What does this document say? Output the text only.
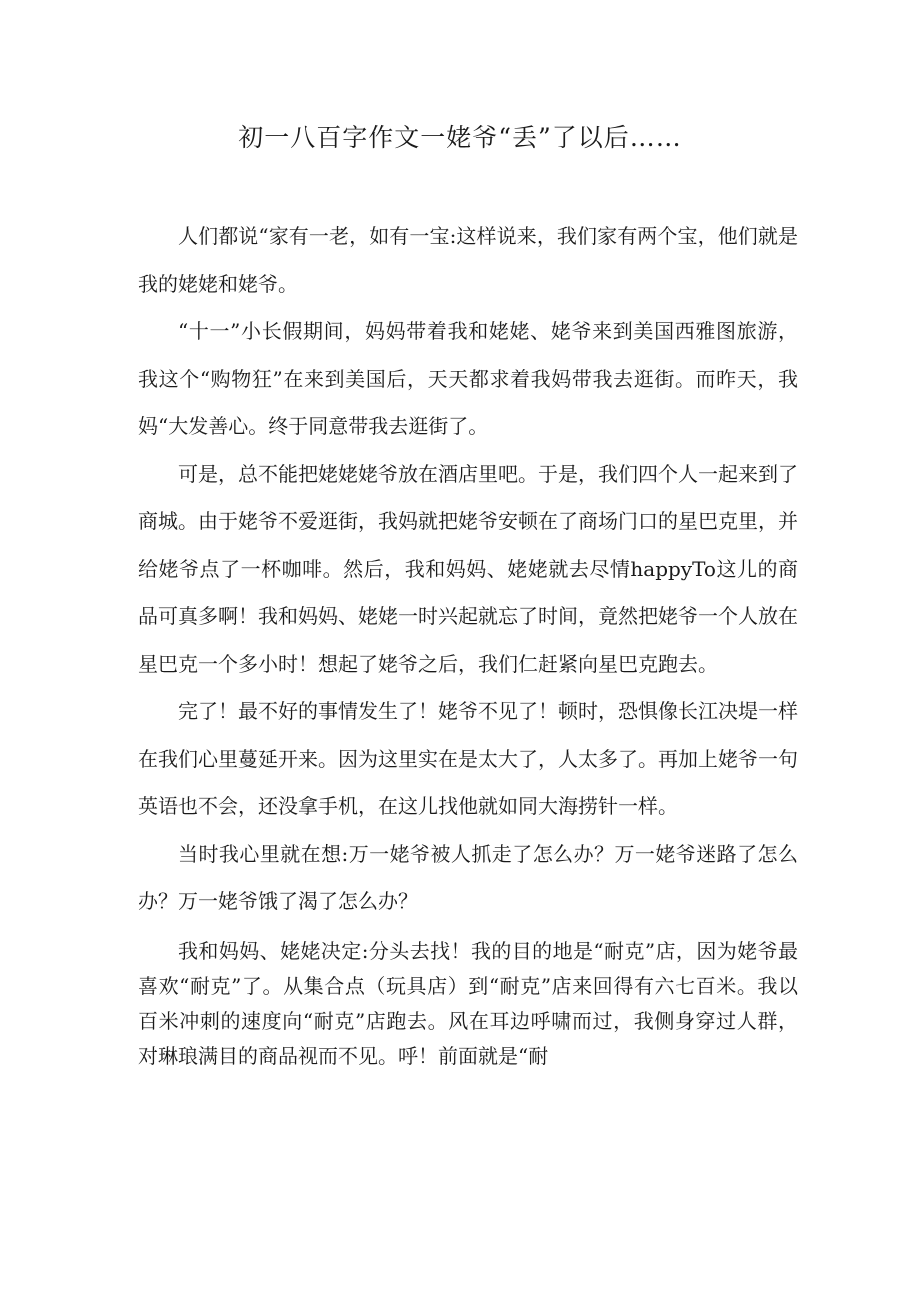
初一八百字作文一姥爷“丢”了以后……

人们都说“家有一老，如有一宝:这样说来，我们家有两个宝，他们就是我的姥姥和姥爷。

“十一”小长假期间，妈妈带着我和姥姥、姥爷来到美国西雅图旅游，我这个“购物狂”在来到美国后，天天都求着我妈带我去逛街。而昨天，我妈“大发善心。终于同意带我去逛街了。

可是，总不能把姥姥姥爷放在酒店里吧。于是，我们四个人一起来到了商城。由于姥爷不爱逛街，我妈就把姥爷安顿在了商场门口的星巴克里，并给姥爷点了一杯咖啡。然后，我和妈妈、姥姥就去尽情happyTo这儿的商品可真多啊！我和妈妈、姥姥一时兴起就忘了时间，竟然把姥爷一个人放在星巴克一个多小时！想起了姥爷之后，我们仁赶紧向星巴克跑去。

完了！最不好的事情发生了！姥爷不见了！顿时，恐惧像长江决堤一样在我们心里蔓延开来。因为这里实在是太大了，人太多了。再加上姥爷一句英语也不会，还没拿手机，在这儿找他就如同大海捞针一样。

当时我心里就在想:万一姥爷被人抓走了怎么办？万一姥爷迷路了怎么办？万一姥爷饿了渴了怎么办？

我和妈妈、姥姥决定:分头去找！我的目的地是“耐克”店，因为姥爷最喜欢“耐克”了。从集合点（玩具店）到“耐克”店来回得有六七百米。我以百米冲刺的速度向“耐克”店跑去。风在耳边呼啸而过，我侧身穿过人群，对琳琅满目的商品视而不见。呼！前面就是“耐
